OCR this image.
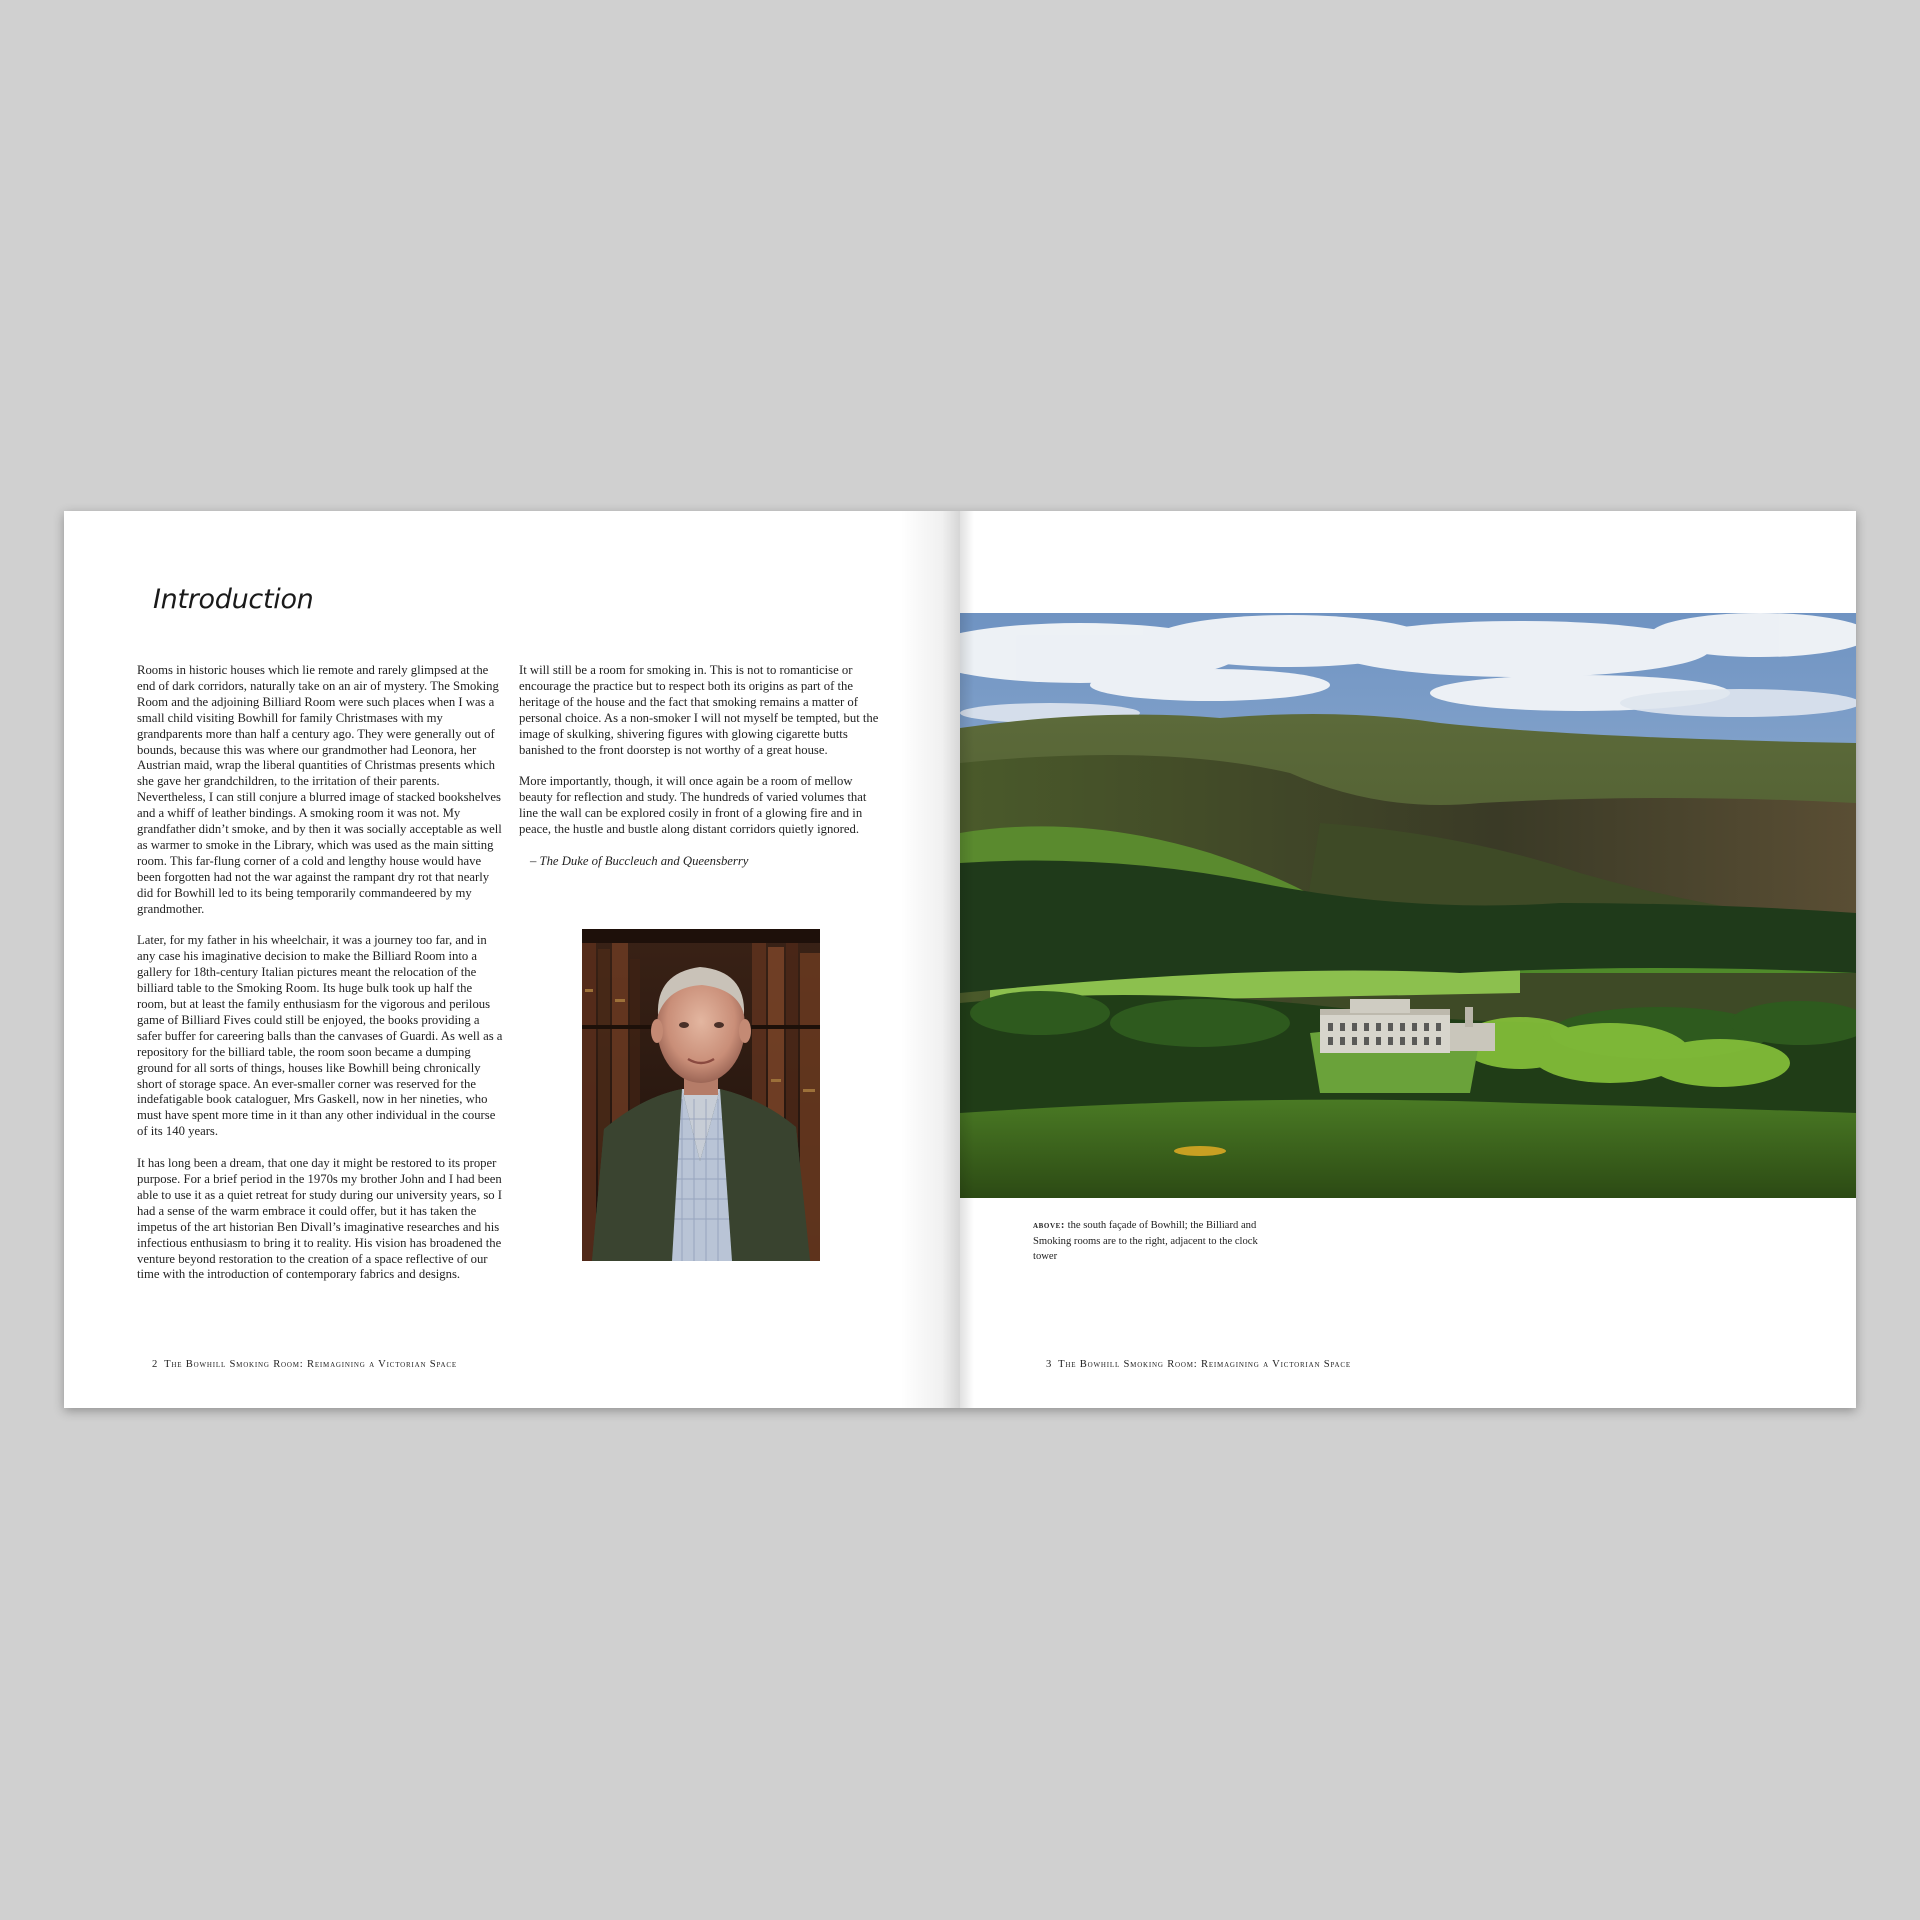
Introduction

Rooms in historic houses which lie remote and rarely glimpsed at the end of dark corridors, naturally take on an air of mystery. The Smoking Room and the adjoining Billiard Room were such places when I was a small child visiting Bowhill for family Christmases with my grandparents more than half a century ago. They were generally out of bounds, because this was where our grandmother had Leonora, her Austrian maid, wrap the liberal quantities of Christmas presents which she gave her grandchildren, to the irritation of their parents. Nevertheless, I can still conjure a blurred image of stacked bookshelves and a whiff of leather bindings. A smoking room it was not. My grandfather didn’t smoke, and by then it was socially acceptable as well as warmer to smoke in the Library, which was used as the main sitting room. This far-flung corner of a cold and lengthy house would have been forgotten had not the war against the rampant dry rot that nearly did for Bowhill led to its being temporarily commandeered by my grandmother.

Later, for my father in his wheelchair, it was a journey too far, and in any case his imaginative decision to make the Billiard Room into a gallery for 18th-century Italian pictures meant the relocation of the billiard table to the Smoking Room. Its huge bulk took up half the room, but at least the family enthusiasm for the vigorous and perilous game of Billiard Fives could still be enjoyed, the books providing a safer buffer for careering balls than the canvases of Guardi. As well as a repository for the billiard table, the room soon became a dumping ground for all sorts of things, houses like Bowhill being chronically short of storage space. An ever-smaller corner was reserved for the indefatigable book cataloguer, Mrs Gaskell, now in her nineties, who must have spent more time in it than any other individual in the course of its 140 years.

It has long been a dream, that one day it might be restored to its proper purpose. For a brief period in the 1970s my brother John and I had been able to use it as a quiet retreat for study during our university years, so I had a sense of the warm embrace it could offer, but it has taken the impetus of the art historian Ben Divall’s imaginative researches and his infectious enthusiasm to bring it to reality. His vision has broadened the venture beyond restoration to the creation of a space reflective of our time with the introduction of contemporary fabrics and designs.

It will still be a room for smoking in. This is not to romanticise or encourage the practice but to respect both its origins as part of the heritage of the house and the fact that smoking remains a matter of personal choice. As a non-smoker I will not myself be tempted, but the image of skulking, shivering figures with glowing cigarette butts banished to the front doorstep is not worthy of a great house.

More importantly, though, it will once again be a room of mellow beauty for reflection and study. The hundreds of varied volumes that line the wall can be explored cosily in front of a glowing fire and in peace, the hustle and bustle along distant corridors quietly ignored.

– The Duke of Buccleuch and Queensberry

2 The Bowhill Smoking Room: Reimagining a Victorian Space
above: the south façade of Bowhill; the Billiard and Smoking rooms are to the right, adjacent to the clock tower
3 The Bowhill Smoking Room: Reimagining a Victorian Space
